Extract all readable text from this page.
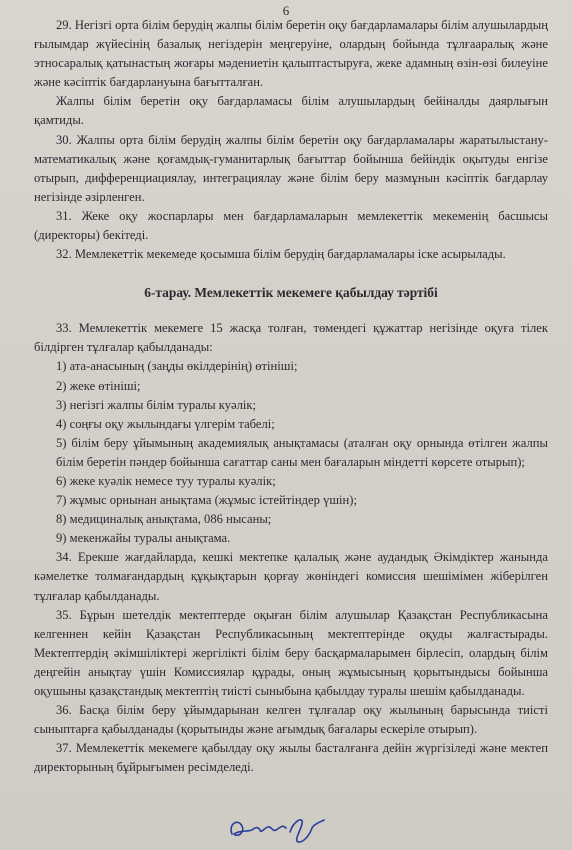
6

29. Негізгі орта білім берудің жалпы білім беретін оқу бағдарламалары білім алушылардың ғылымдар жүйесінің базалық негіздерін меңгеруіне, олардың бойында тұлғааралық және этносаралық қатынастың жоғары мәдениетін қалыптастыруға, жеке адамның өзін-өзі билеуіне және кәсіптік бағдарлануына бағытталған.

Жалпы білім беретін оқу бағдарламасы білім алушылардың бейіналды даярлығын қамтиды.

30. Жалпы орта білім берудің жалпы білім беретін оқу бағдарламалары жаратылыстану-математикалық және қоғамдық-гуманитарлық бағыттар бойынша бейіндік оқытуды енгізе отырып, дифференциациялау, интеграциялау және білім беру мазмұнын кәсіптік бағдарлау негізінде әзірленген.

31. Жеке оқу жоспарлары мен бағдарламаларын мемлекеттік мекеменің басшысы (директоры) бекітеді.

32. Мемлекеттік мекемеде қосымша білім берудің бағдарламалары іске асырылады.

6-тарау. Мемлекеттік мекемеге қабылдау тәртібі

33. Мемлекеттік мекемеге 15 жасқа толған, төмендегі құжаттар негізінде оқуға тілек білдірген тұлғалар қабылданады:

1) ата-анасының (заңды өкілдерінің) өтініші;

2) жеке өтініші;

3) негізгі жалпы білім туралы куәлік;

4) соңғы оқу жылындағы үлгерім табелі;

5) білім беру ұйымының академиялық анықтамасы (аталған оқу орнында өтілген жалпы білім беретін пәндер бойынша сағаттар саны мен бағаларын міндетті көрсете отырып);

6) жеке куәлік немесе туу туралы куәлік;

7) жұмыс орнынан анықтама (жұмыс істейтіндер үшін);

8) медициналық анықтама, 086 нысаны;

9) мекенжайы туралы анықтама.

34. Ерекше жағдайларда, кешкі мектепке қалалық және аудандық Әкімдіктер жанында кәмелетке толмағандардың құқықтарын қорғау жөніндегі комиссия шешімімен жіберілген тұлғалар қабылданады.

35. Бұрын шетелдік мектептерде оқыған білім алушылар Қазақстан Республикасына келгеннен кейін Қазақстан Республикасының мектептерінде оқуды жалғастырады. Мектептердің әкімшіліктері жергілікті білім беру басқармаларымен бірлесіп, олардың білім деңгейін анықтау үшін Комиссиялар құрады, оның жұмысының қорытындысы бойынша оқушыны қазақстандық мектептің тиісті сыныбына қабылдау туралы шешім қабылданады.

36. Басқа білім беру ұйымдарынан келген тұлғалар оқу жылының барысында тиісті сыныптарға қабылданады (қорытынды және ағымдық бағалары ескеріле отырып).

37. Мемлекеттік мекемеге қабылдау оқу жылы басталғанға дейін жүргізіледі және мектеп директорының бұйрығымен ресімделеді.
